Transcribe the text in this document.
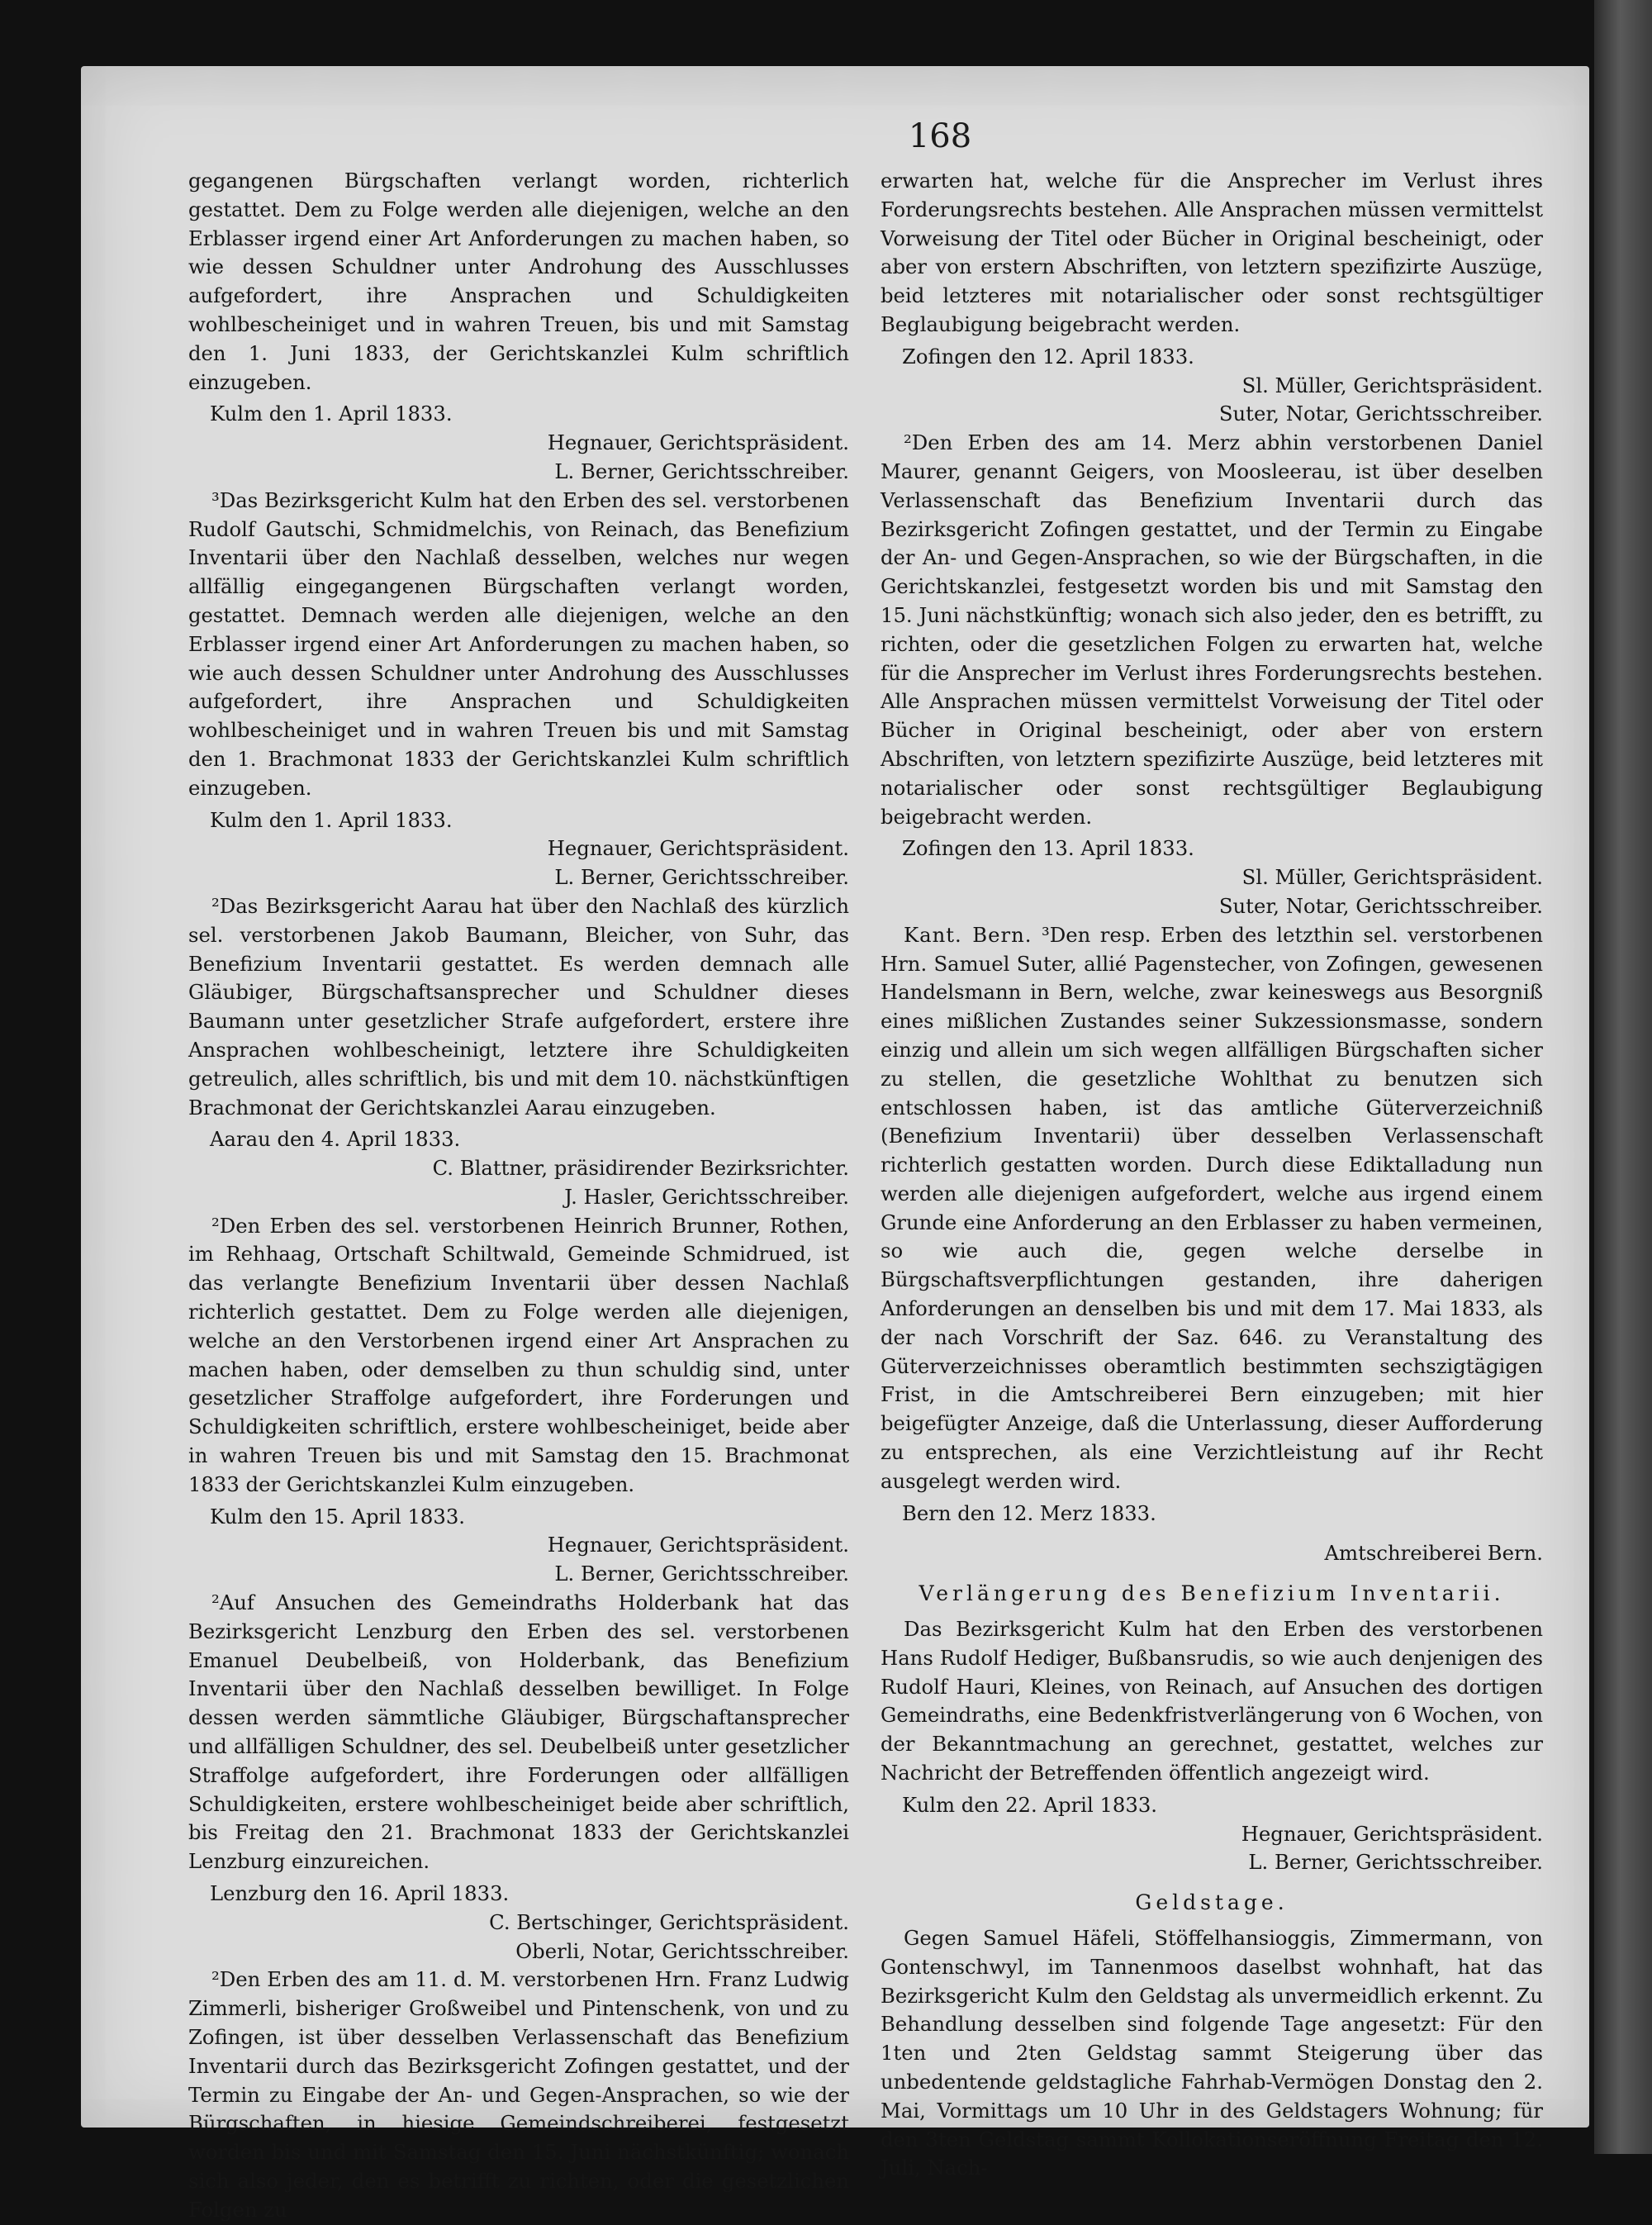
168

gegangenen Bürgschaften verlangt worden, richterlich gestattet. Dem zu Folge werden alle diejenigen, welche an den Erblasser irgend einer Art Anforderungen zu machen haben, so wie dessen Schuldner unter Androhung des Ausschlusses aufgefordert, ihre Ansprachen und Schuldigkeiten wohlbescheiniget und in wahren Treuen, bis und mit Samstag den 1. Juni 1833, der Gerichtskanzlei Kulm schriftlich einzugeben.

Kulm den 1. April 1833.

Hegnauer, Gerichtspräsident.

L. Berner, Gerichtsschreiber.

³Das Bezirksgericht Kulm hat den Erben des sel. verstorbenen Rudolf Gautschi, Schmidmelchis, von Reinach, das Benefizium Inventarii über den Nachlaß desselben, welches nur wegen allfällig eingegangenen Bürgschaften verlangt worden, gestattet. Demnach werden alle diejenigen, welche an den Erblasser irgend einer Art Anforderungen zu machen haben, so wie auch dessen Schuldner unter Androhung des Ausschlusses aufgefordert, ihre Ansprachen und Schuldigkeiten wohlbescheiniget und in wahren Treuen bis und mit Samstag den 1. Brachmonat 1833 der Gerichtskanzlei Kulm schriftlich einzugeben.

Kulm den 1. April 1833.

Hegnauer, Gerichtspräsident.

L. Berner, Gerichtsschreiber.

²Das Bezirksgericht Aarau hat über den Nachlaß des kürzlich sel. verstorbenen Jakob Baumann, Bleicher, von Suhr, das Benefizium Inventarii gestattet. Es werden demnach alle Gläubiger, Bürgschaftsansprecher und Schuldner dieses Baumann unter gesetzlicher Strafe aufgefordert, erstere ihre Ansprachen wohlbescheinigt, letztere ihre Schuldigkeiten getreulich, alles schriftlich, bis und mit dem 10. nächstkünftigen Brachmonat der Gerichtskanzlei Aarau einzugeben.

Aarau den 4. April 1833.

C. Blattner, präsidirender Bezirksrichter.

J. Hasler, Gerichtsschreiber.

²Den Erben des sel. verstorbenen Heinrich Brunner, Rothen, im Rehhaag, Ortschaft Schiltwald, Gemeinde Schmidrued, ist das verlangte Benefizium Inventarii über dessen Nachlaß richterlich gestattet. Dem zu Folge werden alle diejenigen, welche an den Verstorbenen irgend einer Art Ansprachen zu machen haben, oder demselben zu thun schuldig sind, unter gesetzlicher Straffolge aufgefordert, ihre Forderungen und Schuldigkeiten schriftlich, erstere wohlbescheiniget, beide aber in wahren Treuen bis und mit Samstag den 15. Brachmonat 1833 der Gerichtskanzlei Kulm einzugeben.

Kulm den 15. April 1833.

Hegnauer, Gerichtspräsident.

L. Berner, Gerichtsschreiber.

²Auf Ansuchen des Gemeindraths Holderbank hat das Bezirksgericht Lenzburg den Erben des sel. verstorbenen Emanuel Deubelbeiß, von Holderbank, das Benefizium Inventarii über den Nachlaß desselben bewilliget. In Folge dessen werden sämmtliche Gläubiger, Bürgschaftansprecher und allfälligen Schuldner, des sel. Deubelbeiß unter gesetzlicher Straffolge aufgefordert, ihre Forderungen oder allfälligen Schuldigkeiten, erstere wohlbescheiniget beide aber schriftlich, bis Freitag den 21. Brachmonat 1833 der Gerichtskanzlei Lenzburg einzureichen.

Lenzburg den 16. April 1833.

C. Bertschinger, Gerichtspräsident.

Oberli, Notar, Gerichtsschreiber.

²Den Erben des am 11. d. M. verstorbenen Hrn. Franz Ludwig Zimmerli, bisheriger Großweibel und Pintenschenk, von und zu Zofingen, ist über desselben Verlassenschaft das Benefizium Inventarii durch das Bezirksgericht Zofingen gestattet, und der Termin zu Eingabe der An- und Gegen-Ansprachen, so wie der Bürgschaften, in hiesige Gemeindschreiberei, festgesetzt worden bis und mit Samstag den 15. Juni nächstkünftig; wonach sich also jeder, den es betrifft zu richten, oder die gesetzlichen Folgen zu

erwarten hat, welche für die Ansprecher im Verlust ihres Forderungsrechts bestehen. Alle Ansprachen müssen vermittelst Vorweisung der Titel oder Bücher in Original bescheinigt, oder aber von erstern Abschriften, von letztern spezifizirte Auszüge, beid letzteres mit notarialischer oder sonst rechtsgültiger Beglaubigung beigebracht werden.

Zofingen den 12. April 1833.

Sl. Müller, Gerichtspräsident.

Suter, Notar, Gerichtsschreiber.

²Den Erben des am 14. Merz abhin verstorbenen Daniel Maurer, genannt Geigers, von Moosleerau, ist über deselben Verlassenschaft das Benefizium Inventarii durch das Bezirksgericht Zofingen gestattet, und der Termin zu Eingabe der An- und Gegen-Ansprachen, so wie der Bürgschaften, in die Gerichtskanzlei, festgesetzt worden bis und mit Samstag den 15. Juni nächstkünftig; wonach sich also jeder, den es betrifft, zu richten, oder die gesetzlichen Folgen zu erwarten hat, welche für die Ansprecher im Verlust ihres Forderungsrechts bestehen. Alle Ansprachen müssen vermittelst Vorweisung der Titel oder Bücher in Original bescheinigt, oder aber von erstern Abschriften, von letztern spezifizirte Auszüge, beid letzteres mit notarialischer oder sonst rechtsgültiger Beglaubigung beigebracht werden.

Zofingen den 13. April 1833.

Sl. Müller, Gerichtspräsident.

Suter, Notar, Gerichtsschreiber.

Kant. Bern. ³Den resp. Erben des letzthin sel. verstorbenen Hrn. Samuel Suter, allié Pagenstecher, von Zofingen, gewesenen Handelsmann in Bern, welche, zwar keineswegs aus Besorgniß eines mißlichen Zustandes seiner Sukzessionsmasse, sondern einzig und allein um sich wegen allfälligen Bürgschaften sicher zu stellen, die gesetzliche Wohlthat zu benutzen sich entschlossen haben, ist das amtliche Güterverzeichniß (Benefizium Inventarii) über desselben Verlassenschaft richterlich gestatten worden. Durch diese Ediktalladung nun werden alle diejenigen aufgefordert, welche aus irgend einem Grunde eine Anforderung an den Erblasser zu haben vermeinen, so wie auch die, gegen welche derselbe in Bürgschaftsverpflichtungen gestanden, ihre daherigen Anforderungen an denselben bis und mit dem 17. Mai 1833, als der nach Vorschrift der Saz. 646. zu Veranstaltung des Güterverzeichnisses oberamtlich bestimmten sechszigtägigen Frist, in die Amtschreiberei Bern einzugeben; mit hier beigefügter Anzeige, daß die Unterlassung, dieser Aufforderung zu entsprechen, als eine Verzichtleistung auf ihr Recht ausgelegt werden wird.

Bern den 12. Merz 1833.

Amtschreiberei Bern.

Verlängerung des Benefizium Inventarii.

Das Bezirksgericht Kulm hat den Erben des verstorbenen Hans Rudolf Hediger, Bußbansrudis, so wie auch denjenigen des Rudolf Hauri, Kleines, von Reinach, auf Ansuchen des dortigen Gemeindraths, eine Bedenkfristverlängerung von 6 Wochen, von der Bekanntmachung an gerechnet, gestattet, welches zur Nachricht der Betreffenden öffentlich angezeigt wird.

Kulm den 22. April 1833.

Hegnauer, Gerichtspräsident.

L. Berner, Gerichtsschreiber.

Geldstage.

Gegen Samuel Häfeli, Stöffelhansioggis, Zimmermann, von Gontenschwyl, im Tannenmoos daselbst wohnhaft, hat das Bezirksgericht Kulm den Geldstag als unvermeidlich erkennt. Zu Behandlung desselben sind folgende Tage angesetzt: Für den 1ten und 2ten Geldstag sammt Steigerung über das unbedentende geldstagliche Fahrhab-Vermögen Donstag den 2. Mai, Vormittags um 10 Uhr in des Geldstagers Wohnung; für den 3ten Geldstag sammt Kollokationseröffnung Freitag den 12. Juli, Nach-
